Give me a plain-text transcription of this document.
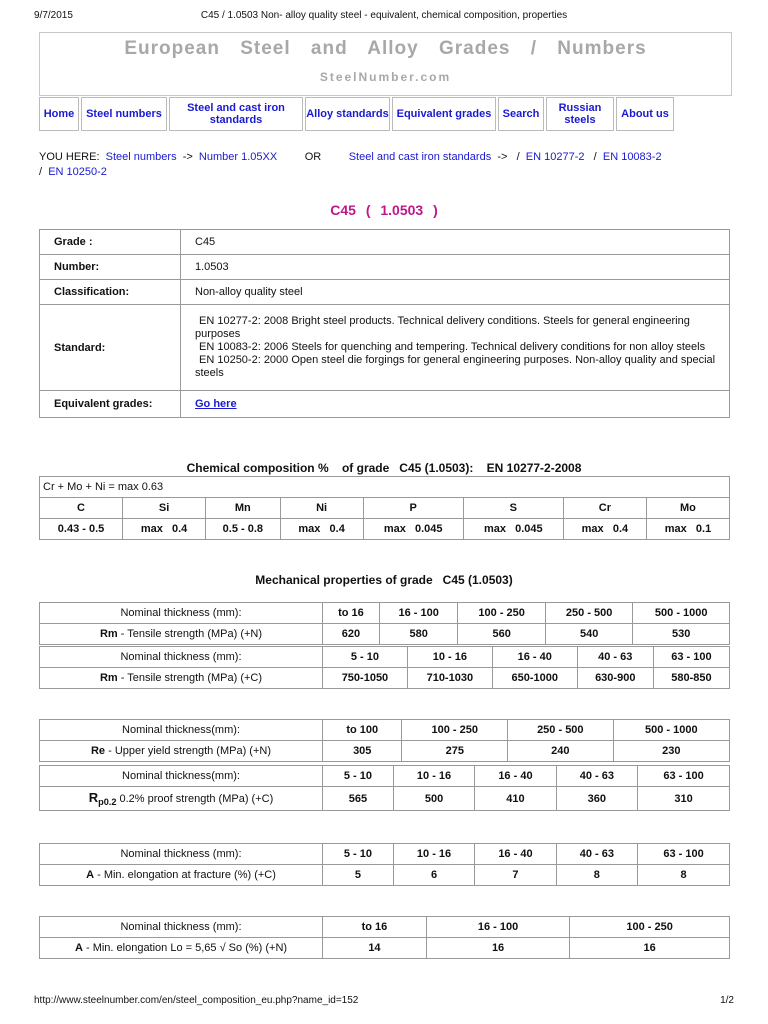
9/7/2015	C45 / 1.0503 Non- alloy quality steel - equivalent, chemical composition, properties
European Steel and Alloy Grades / Numbers
SteelNumber.com
Home	Steel numbers	Steel and cast iron standards	Alloy standards Equivalent grades	Search	Russian steels	About us
YOU HERE: Steel numbers -> Number 1.05XX	OR	Steel and cast iron standards -> / EN 10277-2 / EN 10083-2
/ EN 10250-2
C45 ( 1.0503 )
Grade :	C45
Number:	1.0503
Classification:	Non-alloy quality steel
Standard:	EN 10277-2: 2008 Bright steel products. Technical delivery conditions. Steels for general engineering purposes
EN 10083-2: 2006 Steels for quenching and tempering. Technical delivery conditions for non alloy steels
EN 10250-2: 2000 Open steel die forgings for general engineering purposes. Non-alloy quality and special steels

Equivalent grades:	Go here
Chemical composition %    of grade   C45 (1.0503):    EN 10277-2-2008
Cr + Mo + Ni = max 0.63							
C	Si	Mn	Ni	P	S	Cr	Mo
0.43 - 0.5	max   0.4	0.5 - 0.8	max   0.4	max   0.045	max   0.045	max   0.4	max   0.1
Mechanical properties of grade   C45 (1.0503)
Nominal thickness (mm):	to 16	16 - 100	100 - 250	250 - 500	500 - 1000
Rm - Tensile strength (MPa) (+N)	620	580	560	540	530
Nominal thickness (mm):	5 - 10	10 - 16	16 - 40	40 - 63	63 - 100
Rm - Tensile strength (MPa) (+C)	750-1050	710-1030	650-1000	630-900	580-850
Nominal thickness(mm):	to 100	100 - 250	250 - 500	500 - 1000
Re - Upper yield strength (MPa) (+N)	305	275	240	230
Nominal thickness(mm):	5 - 10	10 - 16	16 - 40	40 - 63	63 - 100
$R_{p0.2}$ 0.2% proof strength (MPa) (+C)	565	500	410	360	310
Nominal thickness (mm):	5 - 10	10 - 16	16 - 40	40 - 63	63 - 100
A - Min. elongation at fracture (%) (+C)	5	6	7	8	8
Nominal thickness (mm):	to 16	16 - 100	100 - 250
A - Min. elongation Lo = 5,65 √ So (%) (+N)	14	16	16
http://www.steelnumber.com/en/steel_composition_eu.php?name_id=152	1/2
